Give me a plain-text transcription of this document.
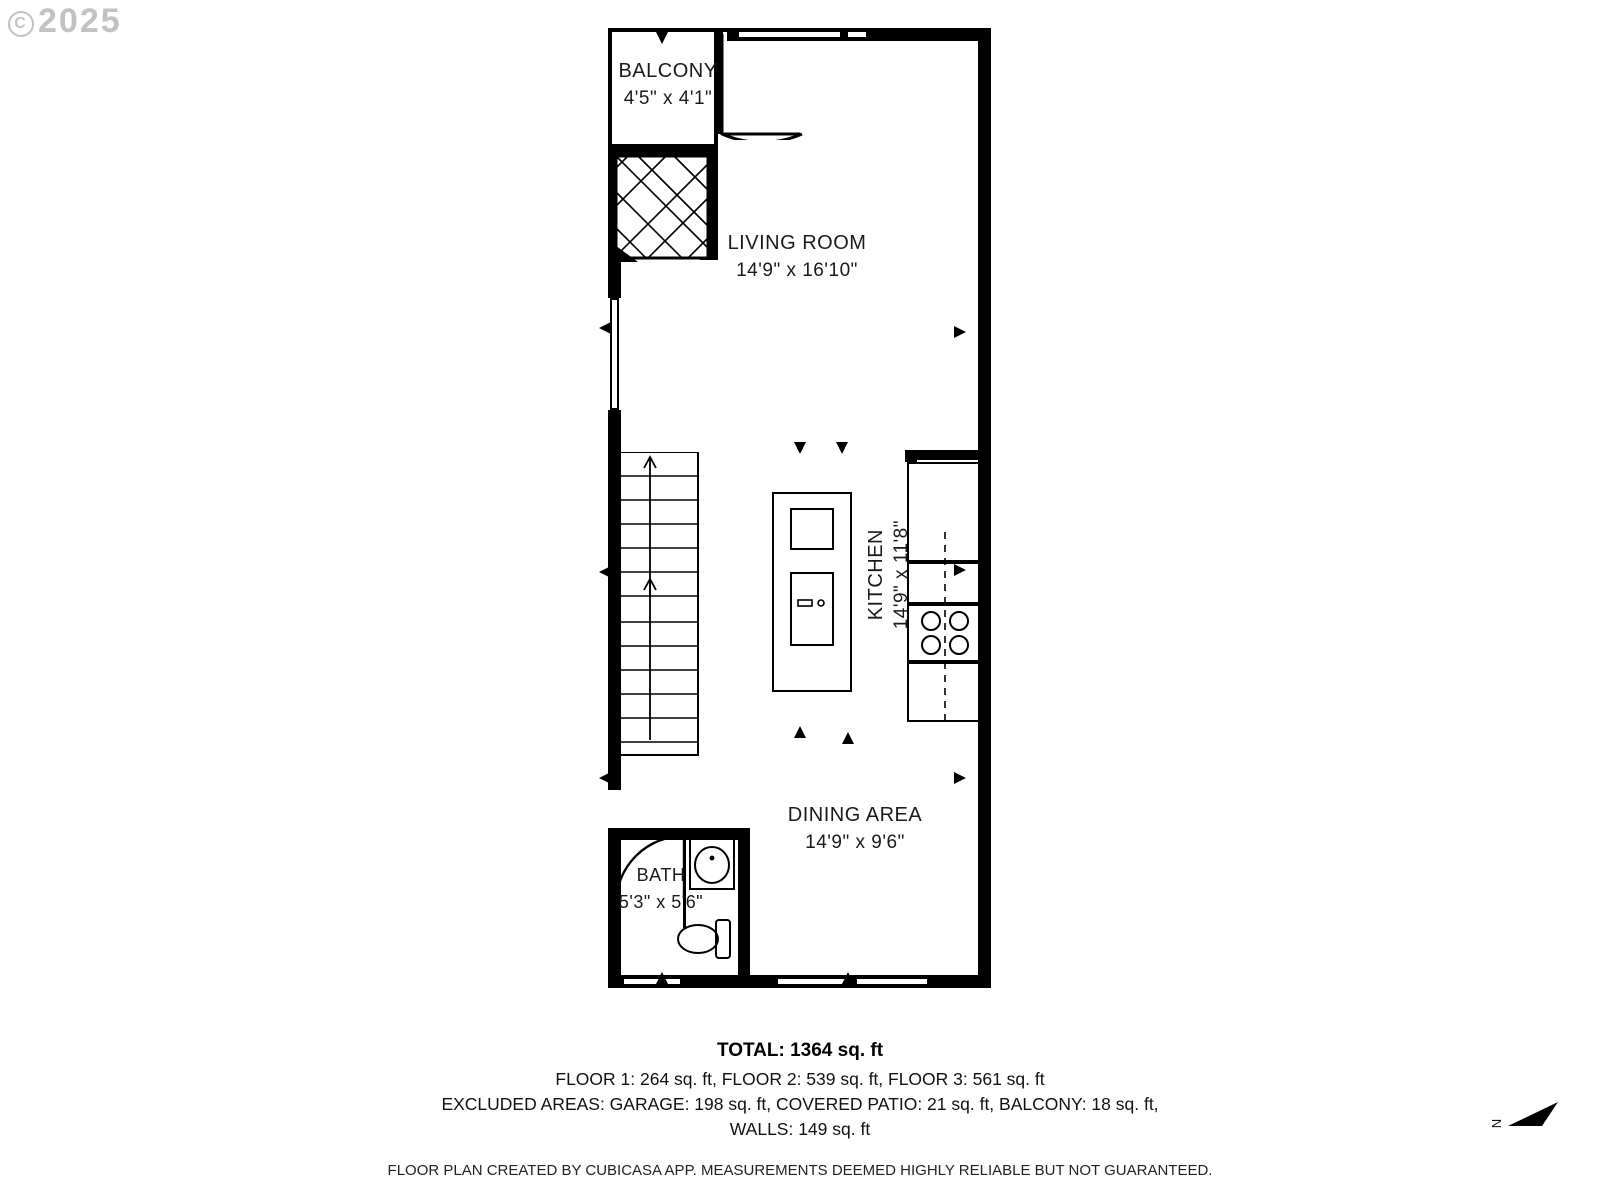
C 2025
BALCONY
4'5" x 4'1"
LIVING ROOM
14'9" x 16'10"
KITCHEN 14'9" x 11'8"
DINING AREA
14'9" x 9'6"
BATH
5'3" x 5'6"
TOTAL: 1364 sq. ft
FLOOR 1: 264 sq. ft, FLOOR 2: 539 sq. ft, FLOOR 3: 561 sq. ft
EXCLUDED AREAS: GARAGE: 198 sq. ft, COVERED PATIO: 21 sq. ft, BALCONY: 18 sq. ft,
WALLS: 149 sq. ft
FLOOR PLAN CREATED BY CUBICASA APP. MEASUREMENTS DEEMED HIGHLY RELIABLE BUT NOT GUARANTEED.
N
